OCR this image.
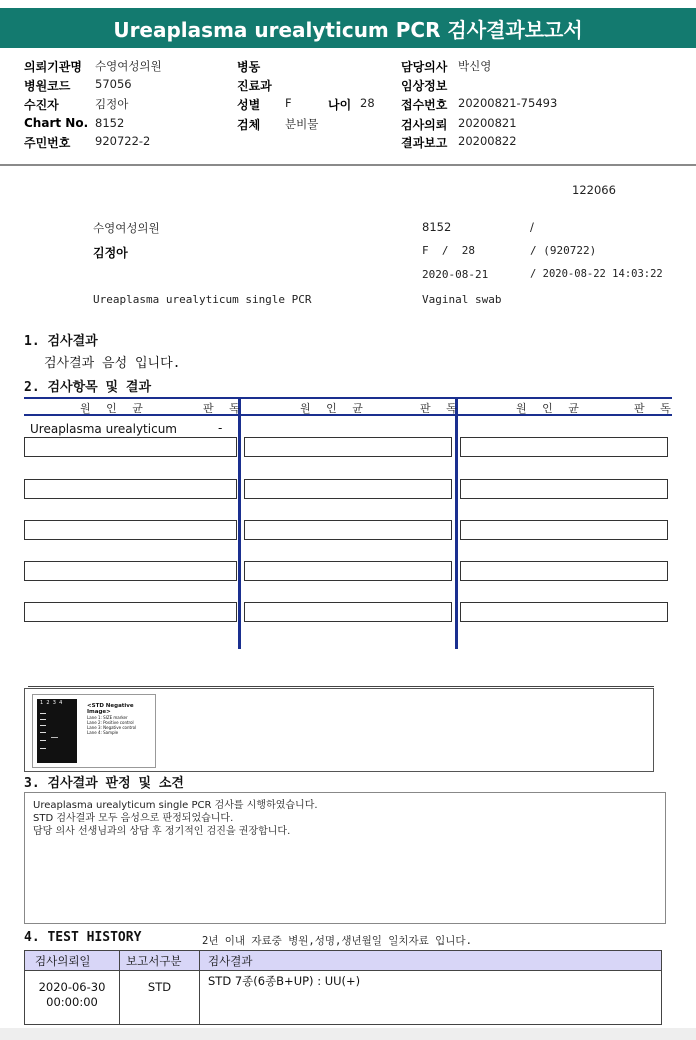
Ureaplasma urealyticum PCR 검사결과보고서
의뢰기관명 수영여성의원
병원코드 57056
수진자	김정아
Chart No. 8152
주민번호 920722-2
병동
진료과
성별 F	나이 28
검체 분비물
담당의사 박신영
임상정보
접수번호 20200821-75493
검사의뢰 20200821
결과보고 20200822
122066
수영여성의원	8152	/
김정아	F  /  28	/ (920722)
2020-08-21	/ 2020-08-22 14:03:22
Ureaplasma urealyticum single PCR	Vaginal swab
1. 검사결과
검사결과 음성 입니다.
2. 검사항목 및 결과
원 인 균	판 독	원 인 균	판 독	원 인 균	판 독
Ureaplasma urealyticum	-
1  2  3  4	<STD Negative Image>
Lane 1: SIZE marker
Lane 2: Positive control
Lane 3: Negative control
Lane 4: Sample
3. 검사결과 판정 및 소견
Ureaplasma urealyticum single PCR 검사를 시행하였습니다.
STD 검사결과 모두 음성으로 판정되었습니다.
담당 의사 선생님과의 상담 후 정기적인 검진을 권장합니다.
4. TEST HISTORY	2년 이내 자료중 병원,성명,생년월일 일치자료 입니다.
검사의뢰일	보고서구분	검사결과

2020-06-30
00:00:00	STD	STD 7종(6종B+UP) : UU(+)
